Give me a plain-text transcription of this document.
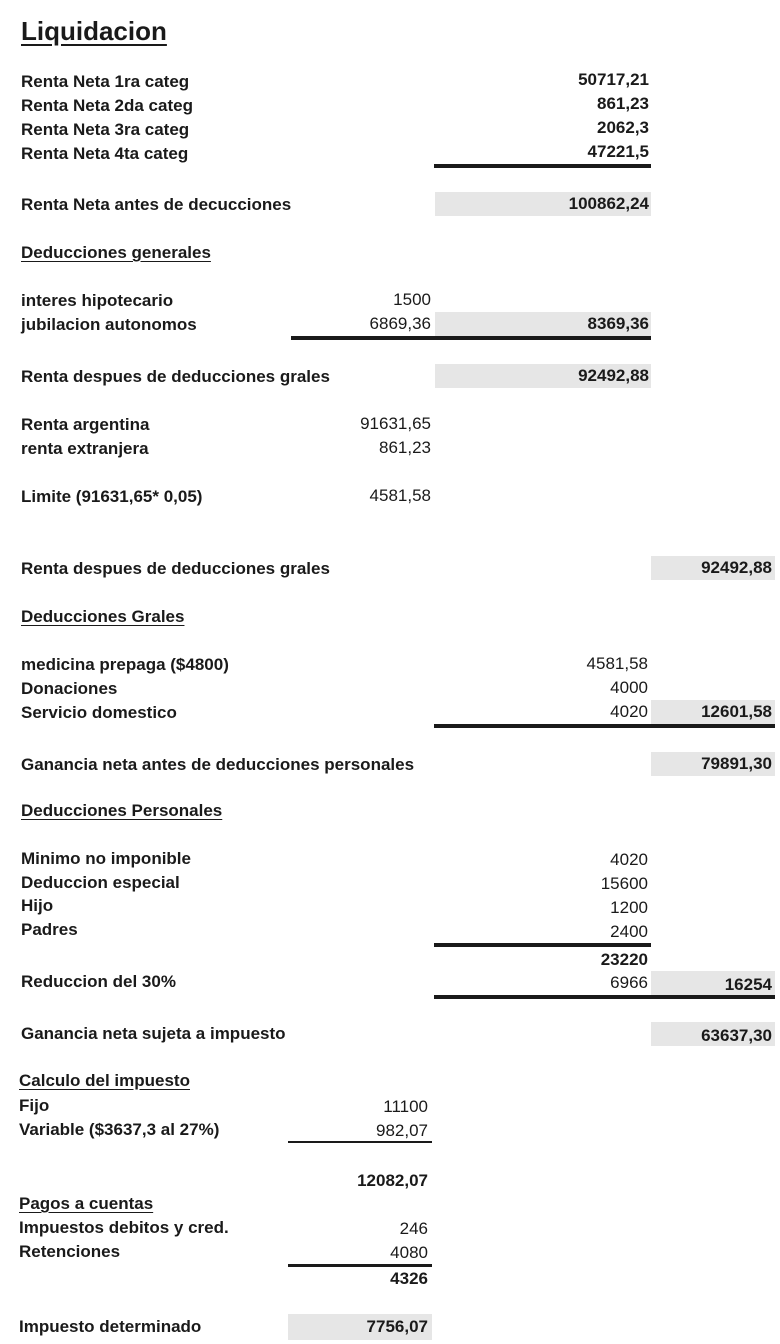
Liquidacion
Renta Neta 1ra categ	50717,21
Renta Neta 2da categ	861,23
Renta Neta 3ra categ	2062,3
Renta Neta 4ta categ	47221,5
Renta Neta antes de decucciones	100862,24
Deducciones generales
interes hipotecario	1500
jubilacion autonomos	6869,36	8369,36
Renta despues de deducciones grales	92492,88
Renta argentina	91631,65
renta extranjera	861,23
Limite (91631,65* 0,05)	4581,58
Renta despues de deducciones grales	92492,88
Deducciones Grales
medicina prepaga ($4800)	4581,58
Donaciones	4000
Servicio domestico	4020	12601,58
Ganancia neta antes de deducciones personales	79891,30
Deducciones Personales
Minimo no imponible	4020
Deduccion especial	15600
Hijo	1200
Padres	2400
23220
Reduccion del 30%	6966	16254
Ganancia neta sujeta a impuesto	63637,30
Calculo del impuesto
Fijo	11100
Variable ($3637,3 al 27%)	982,07
12082,07
Pagos a cuentas
Impuestos debitos y cred.	246
Retenciones	4080
4326
Impuesto determinado	7756,07
